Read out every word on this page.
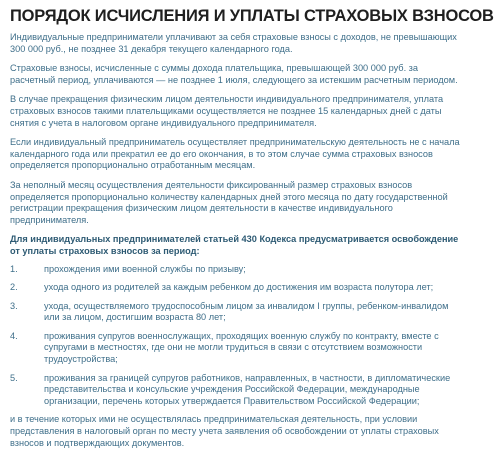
ПОРЯДОК ИСЧИСЛЕНИЯ И УПЛАТЫ СТРАХОВЫХ ВЗНОСОВ

Индивидуальные предприниматели уплачивают за себя страховые взносы с доходов, не превышающих 300 000 руб., не позднее 31 декабря текущего календарного года.

Страховые взносы, исчисленные с суммы дохода плательщика, превышающей 300 000 руб. за расчетный период, уплачиваются — не позднее 1 июля, следующего за истекшим расчетным периодом.

В случае прекращения физическим лицом деятельности индивидуального предпринимателя, уплата страховых взносов такими плательщиками осуществляется не позднее 15 календарных дней с даты снятия с учета в налоговом органе индивидуального предпринимателя.

Если индивидуальный предприниматель осуществляет предпринимательскую деятельность не с начала календарного года или прекратил ее до его окончания, в то этом случае сумма страховых взносов определяется пропорционально отработанным месяцам.

За неполный месяц осуществления деятельности фиксированный размер страховых взносов определяется пропорционально количеству календарных дней этого месяца по дату государственной регистрации прекращения физическим лицом деятельности в качестве индивидуального предпринимателя.

Для индивидуальных предпринимателей статьей 430 Кодекса предусматривается освобождение от уплаты страховых взносов за период:

1.	прохождения ими военной службы по призыву;
2.	ухода одного из родителей за каждым ребенком до достижения им возраста полутора лет;
3.	ухода, осуществляемого трудоспособным лицом за инвалидом I группы, ребенком-инвалидом или за лицом, достигшим возраста 80 лет;
4.	проживания супругов военнослужащих, проходящих военную службу по контракту, вместе с супругами в местностях, где они не могли трудиться в связи с отсутствием возможности трудоустройства;
5.	проживания за границей супругов работников, направленных, в частности, в дипломатические представительства и консульские учреждения Российской Федерации, международные организации, перечень которых утверждается Правительством Российской Федерации;

и в течение которых ими не осуществлялась предпринимательская деятельность, при условии представления в налоговый орган по месту учета заявления об освобождении от уплаты страховых взносов и подтверждающих документов.
